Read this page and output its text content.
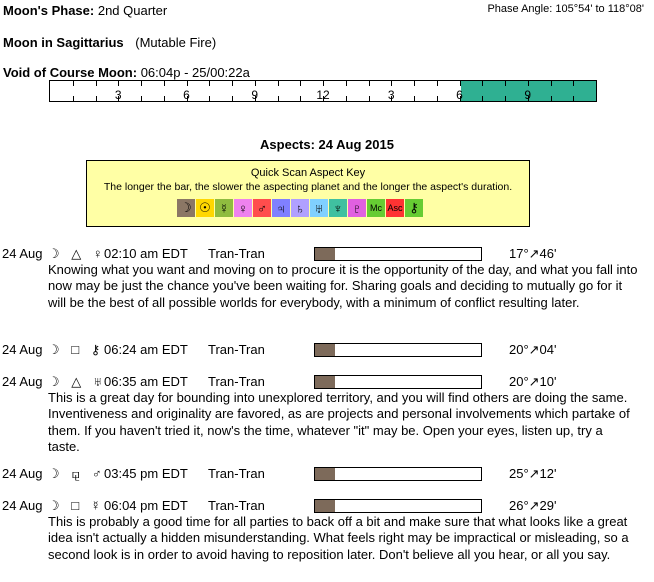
Moon's Phase: 2nd Quarter	Phase Angle: 105°54' to 118°08'
Moon in Sagittarius (Mutable Fire)
Void of Course Moon: 06:04p - 25/00:22a
3	6	9	12	3	6	9
Aspects: 24 Aug 2015
Quick Scan Aspect Key
The longer the bar, the slower the aspecting planet and the longer the aspect's duration.
☽ ☉ ☿ ♀ ♂ ♃ ♄ ♅ ♆ ♇ Mc Asc ⚷
24 Aug ☽ △ ♀
02:10 am EDT Tran-Tran	17°↗46'
Knowing what you want and moving on to procure it is the opportunity of the day, and what you fall into now may be just the chance you've been waiting for. Sharing goals and deciding to mutually go for it will be the best of all possible worlds for everybody, with a minimum of conflict resulting later.
24 Aug ☽ □ ⚷ 06:24 am EDT Tran-Tran	20°↗04'
24 Aug ☽ △ ♅
06:35 am EDT Tran-Tran	20°↗10'
This is a great day for bounding into unexplored territory, and you will find others are doing the same. Inventiveness and originality are favored, as are projects and personal involvements which partake of them. If you haven't tried it, now's the time, whatever "it" may be. Open your eyes, listen up, try a taste.
24 Aug ☽ ⚼ ♂
03:45 pm EDT Tran-Tran	25°↗12'
24 Aug ☽ □ ☿ 06:04 pm EDT Tran-Tran	26°↗29'
This is probably a good time for all parties to back off a bit and make sure that what looks like a great idea isn't actually a hidden misunderstanding. What feels right may be impractical or misleading, so a second look is in order to avoid having to reposition later. Don't believe all you hear, or all you say.
